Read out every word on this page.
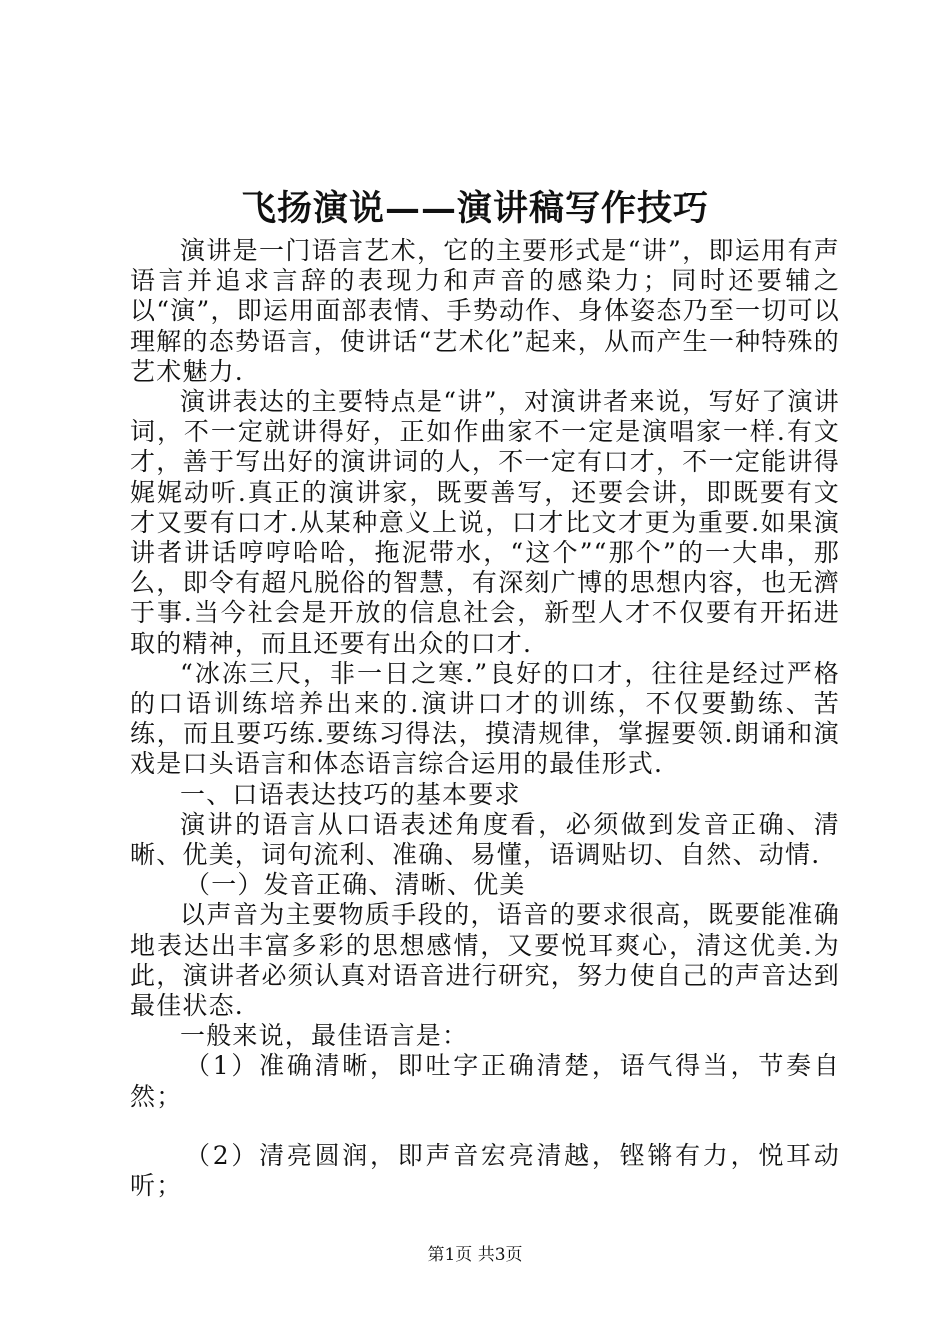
飞扬演说——演讲稿写作技巧

演讲是一门语言艺术，它的主要形式是“讲”，即运用有声语言并追求言辞的表现力和声音的感染力；同时还要辅之以“演”，即运用面部表情、手势动作、身体姿态乃至一切可以理解的态势语言，使讲话“艺术化”起来，从而产生一种特殊的艺术魅力.

演讲表达的主要特点是“讲”，对演讲者来说，写好了演讲词，不一定就讲得好，正如作曲家不一定是演唱家一样.有文才，善于写出好的演讲词的人，不一定有口才，不一定能讲得娓娓动听.真正的演讲家，既要善写，还要会讲，即既要有文才又要有口才.从某种意义上说，口才比文才更为重要.如果演讲者讲话哼哼哈哈，拖泥带水，“这个”“那个”的一大串，那么，即令有超凡脱俗的智慧，有深刻广博的思想内容，也无濟于事.当今社会是开放的信息社会，新型人才不仅要有开拓进取的精神，而且还要有出众的口才.

“冰冻三尺，非一日之寒.”良好的口才，往往是经过严格的口语训练培养出来的.演讲口才的训练，不仅要勤练、苦练，而且要巧练.要练习得法，摸清规律，掌握要领.朗诵和演戏是口头语言和体态语言综合运用的最佳形式.

一、口语表达技巧的基本要求

演讲的语言从口语表述角度看，必须做到发音正确、清晰、优美，词句流利、准确、易懂，语调贴切、自然、动情.

（一）发音正确、清晰、优美

以声音为主要物质手段的，语音的要求很高，既要能准确地表达出丰富多彩的思想感情，又要悦耳爽心，清这优美.为此，演讲者必须认真对语音进行研究，努力使自己的声音达到最佳状态.

一般来说，最佳语言是：

（1）准确清晰，即吐字正确清楚，语气得当，节奏自然；

（2）清亮圆润，即声音宏亮清越，铿锵有力，悦耳动听；

第1页 共3页
